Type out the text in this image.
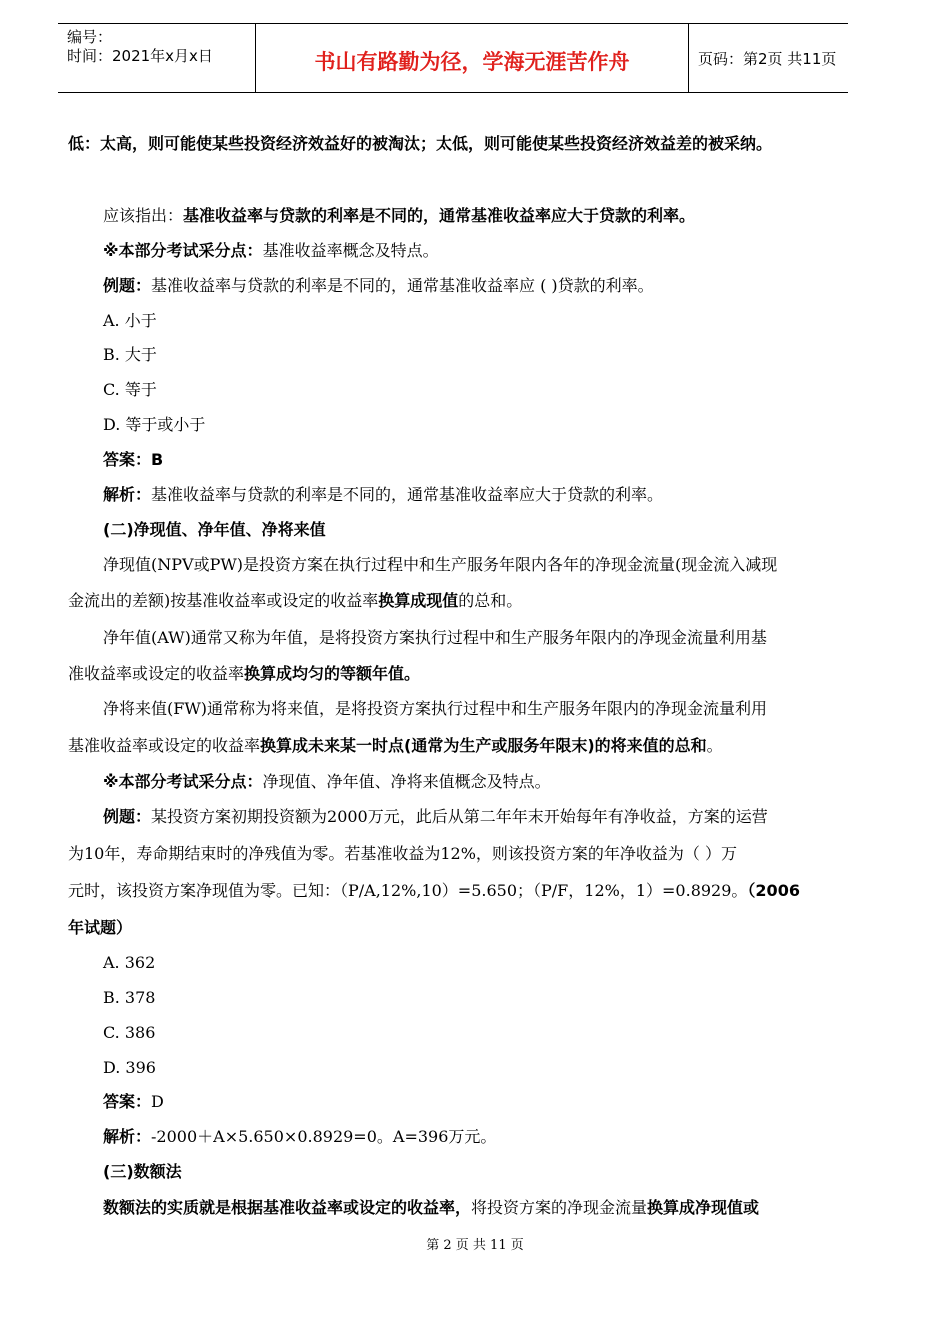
编号：
时间：2021年x月x日	书山有路勤为径，学海无涯苦作舟	页码：第2页 共11页
低：太高，则可能使某些投资经济效益好的被淘汰；太低，则可能使某些投资经济效益差的被采纳。
应该指出：基准收益率与贷款的利率是不同的，通常基准收益率应大于贷款的利率。
※本部分考试采分点：基准收益率概念及特点。
例题：基准收益率与贷款的利率是不同的，通常基准收益率应 ( )贷款的利率。
A. 小于
B. 大于
C. 等于
D. 等于或小于
答案：B
解析：基准收益率与贷款的利率是不同的，通常基准收益率应大于贷款的利率。
(二)净现值、净年值、净将来值
净现值(NPV或PW)是投资方案在执行过程中和生产服务年限内各年的净现金流量(现金流入减现
金流出的差额)按基准收益率或设定的收益率换算成现值的总和。
净年值(AW)通常又称为年值，是将投资方案执行过程中和生产服务年限内的净现金流量利用基
准收益率或设定的收益率换算成均匀的等额年值。
净将来值(FW)通常称为将来值，是将投资方案执行过程中和生产服务年限内的净现金流量利用
基准收益率或设定的收益率换算成未来某一时点(通常为生产或服务年限末)的将来值的总和。
※本部分考试采分点：净现值、净年值、净将来值概念及特点。
例题：某投资方案初期投资额为2000万元，此后从第二年年末开始每年有净收益，方案的运营
为10年，寿命期结束时的净残值为零。若基准收益为12%，则该投资方案的年净收益为（ ）万
元时，该投资方案净现值为零。已知：（P/A,12%,10）=5.650；（P/F，12%，1）=0.8929。（2006
年试题）
A. 362
B. 378
C. 386
D. 396
答案：D
解析：-2000＋A×5.650×0.8929=0。A=396万元。
(三)数额法
数额法的实质就是根据基准收益率或设定的收益率，将投资方案的净现金流量换算成净现值或
第 2 页 共 11 页
